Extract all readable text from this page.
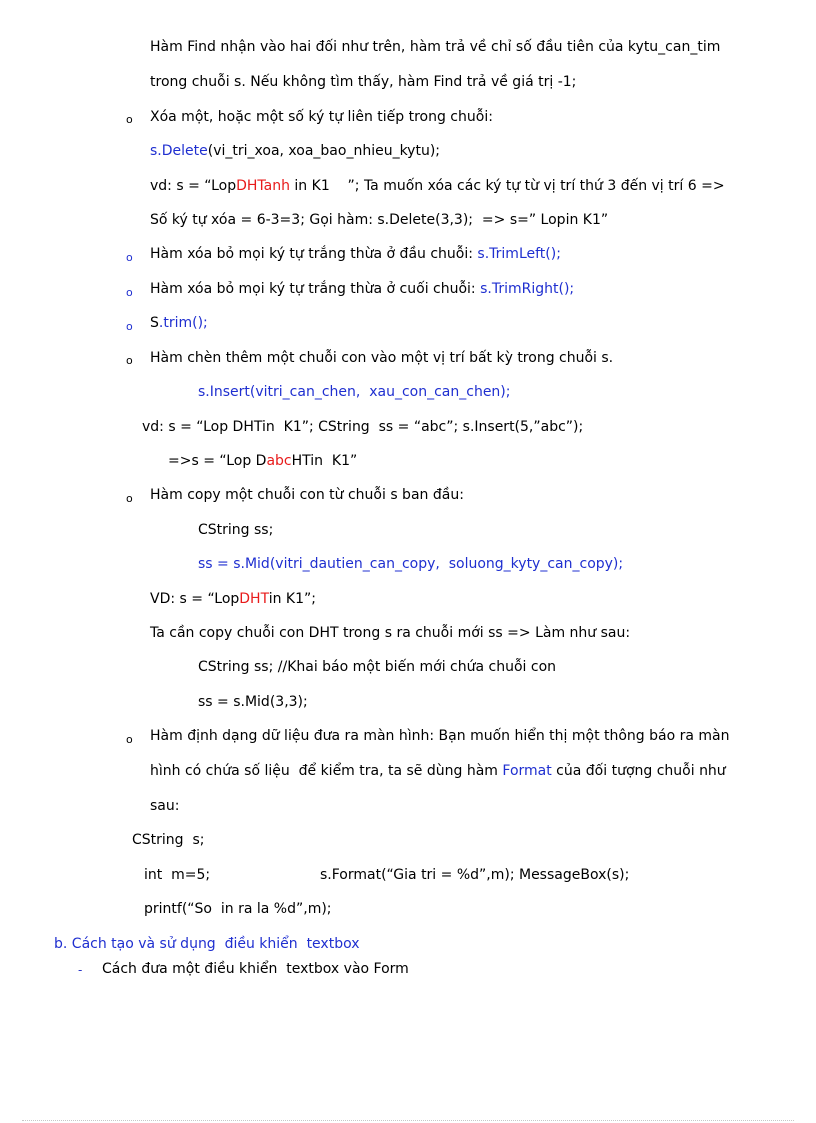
Hàm Find nhận vào hai đối như trên, hàm trả về chỉ số đầu tiên của kytu_can_tim
trong chuỗi s. Nếu không tìm thấy, hàm Find trả về giá trị -1;
o Xóa một, hoặc một số ký tự liên tiếp trong chuỗi:
s.Delete(vi_tri_xoa, xoa_bao_nhieu_kytu);
vd: s = “LopDHTanh in K1    ”; Ta muốn xóa các ký tự từ vị trí thứ 3 đến vị trí 6 =>
Số ký tự xóa = 6-3=3; Gọi hàm: s.Delete(3,3);  => s=” Lopin K1”
o Hàm xóa bỏ mọi ký tự trắng thừa ở đầu chuỗi: s.TrimLeft();
o Hàm xóa bỏ mọi ký tự trắng thừa ở cuối chuỗi: s.TrimRight();
o S.trim();
o Hàm chèn thêm một chuỗi con vào một vị trí bất kỳ trong chuỗi s.
s.Insert(vitri_can_chen,  xau_con_can_chen);
vd: s = “Lop DHTin  K1”; CString  ss = “abc”; s.Insert(5,”abc”);
=>s = “Lop DabcHTin  K1”
o Hàm copy một chuỗi con từ chuỗi s ban đầu:
CString ss;
ss = s.Mid(vitri_dautien_can_copy,  soluong_kyty_can_copy);
VD: s = “LopDHTin K1”;
Ta cần copy chuỗi con DHT trong s ra chuỗi mới ss => Làm như sau:
CString ss; //Khai báo một biến mới chứa chuỗi con
ss = s.Mid(3,3);
o Hàm định dạng dữ liệu đưa ra màn hình: Bạn muốn hiển thị một thông báo ra màn
hình có chứa số liệu  để kiểm tra, ta sẽ dùng hàm Format của đối tượng chuỗi như
sau:
CString  s;
int  m=5;	s.Format(“Gia tri = %d”,m); MessageBox(s);
printf(“So  in ra la %d”,m);
b. Cách tạo và sử dụng  điều khiển  textbox
- Cách đưa một điều khiển  textbox vào Form
